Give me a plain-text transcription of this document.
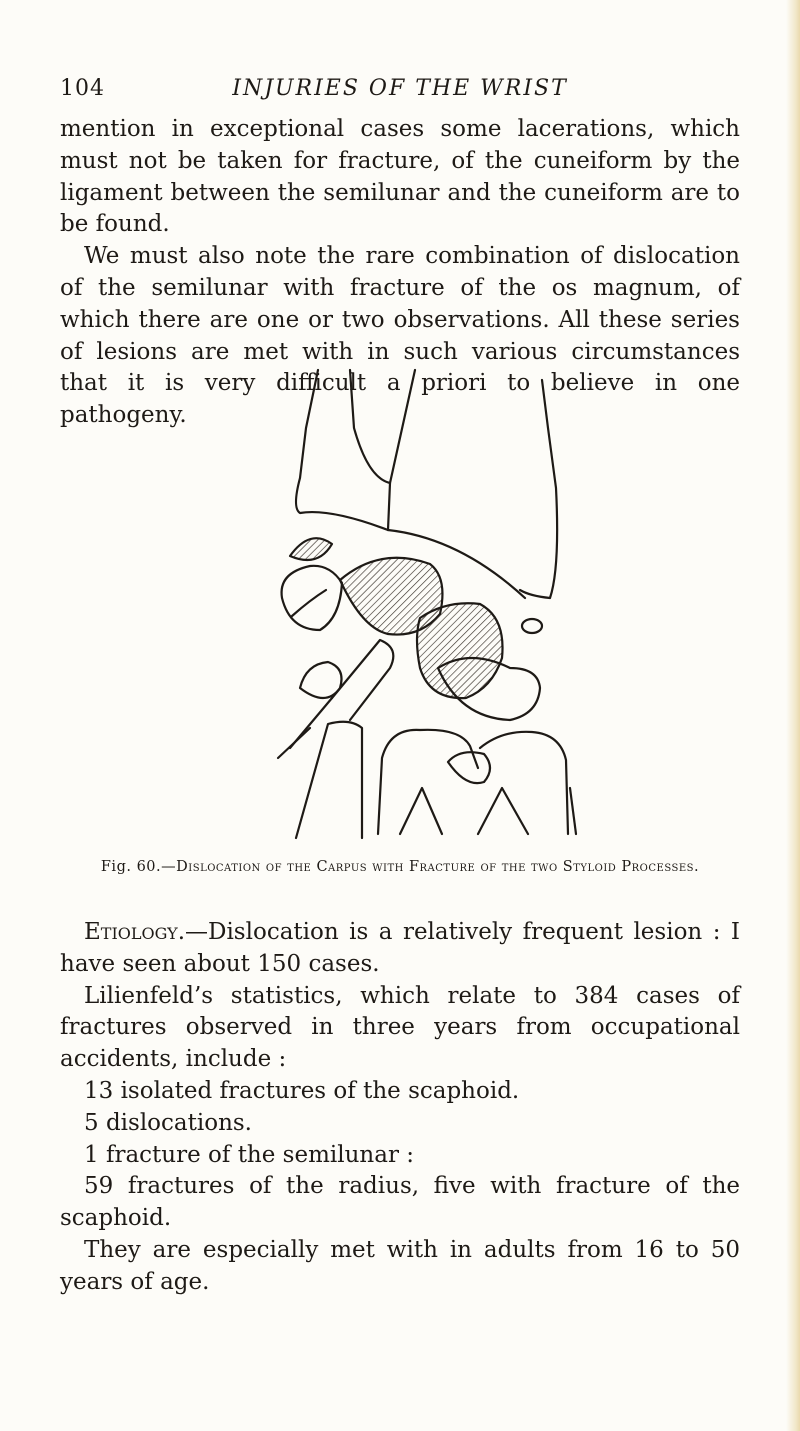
104	INJURIES OF THE WRIST

mention in exceptional cases some lacerations, which must not be taken for fracture, of the cuneiform by the ligament between the semilunar and the cuneiform are to be found.
We must also note the rare combination of dislocation of the semilunar with fracture of the os magnum, of which there are one or two observations. All these series of lesions are met with in such various circumstances that it is very difficult a priori to believe in one pathogeny.

Fig. 60.—Dislocation of the Carpus with Fracture of the two Styloid Processes.

Etiology.—Dislocation is a relatively frequent lesion : I have seen about 150 cases.

Lilienfeld’s statistics, which relate to 384 cases of fractures observed in three years from occupational accidents, include :

13 isolated fractures of the scaphoid.

5 dislocations.

1 fracture of the semilunar :

59 fractures of the radius, five with fracture of the scaphoid.

They are especially met with in adults from 16 to 50 years of age.
